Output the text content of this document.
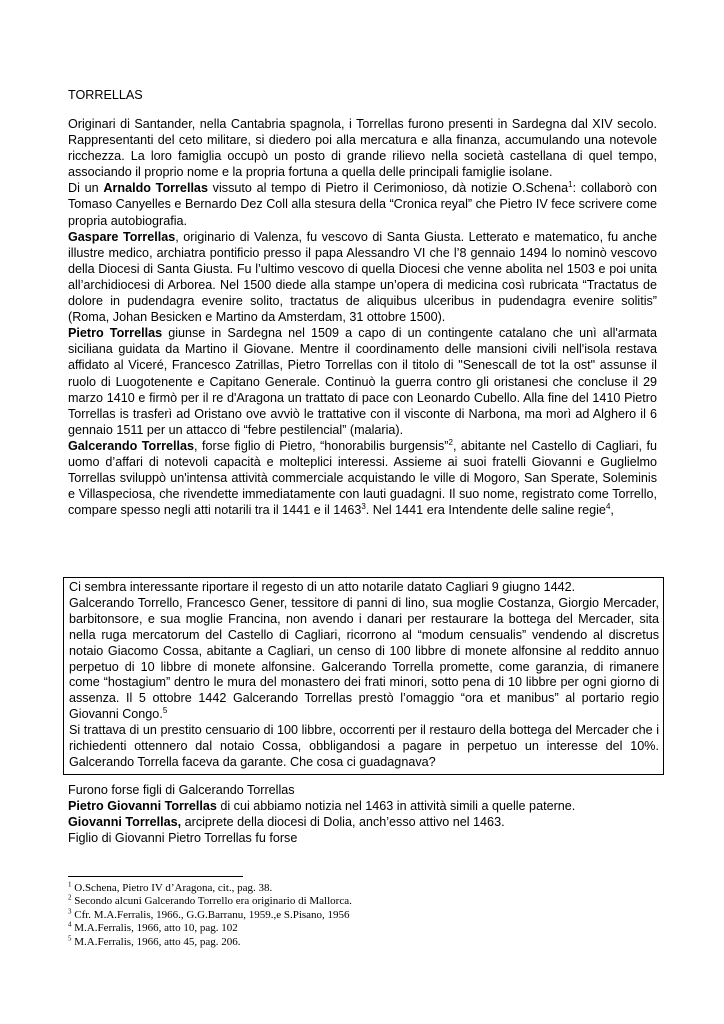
TORRELLAS

Originari di Santander, nella Cantabria spagnola, i Torrellas furono presenti in Sardegna dal XIV secolo. Rappresentanti del ceto militare, si diedero poi alla mercatura e alla finanza, accumulando una notevole ricchezza. La loro famiglia occupò un posto di grande rilievo nella società castellana di quel tempo, associando il proprio nome e la propria fortuna a quella delle principali famiglie isolane.

Di un Arnaldo Torrellas vissuto al tempo di Pietro il Cerimonioso, dà notizie O.Schena$^1$: collaborò con Tomaso Canyelles e Bernardo Dez Coll alla stesura della “Cronica reyal” che Pietro IV fece scrivere come propria autobiografia.

Gaspare Torrellas, originario di Valenza, fu vescovo di Santa Giusta. Letterato e matematico, fu anche illustre medico, archiatra pontificio presso il papa Alessandro VI che l’8 gennaio 1494 lo nominò vescovo della Diocesi di Santa Giusta. Fu l’ultimo vescovo di quella Diocesi che venne abolita nel 1503 e poi unita all’archidiocesi di Arborea. Nel 1500 diede alla stampe un’opera di medicina così rubricata “Tractatus de dolore in pudendagra evenire solito, tractatus de aliquibus ulceribus in pudendagra evenire solitis” (Roma, Johan Besicken e Martino da Amsterdam, 31 ottobre 1500).

Pietro Torrellas giunse in Sardegna nel 1509 a capo di un contingente catalano che unì all'armata siciliana guidata da Martino il Giovane. Mentre il coordinamento delle mansioni civili nell'isola restava affidato al Viceré, Francesco Zatrillas, Pietro Torrellas con il titolo di "Senescall de tot la ost" assunse il ruolo di Luogotenente e Capitano Generale. Continuò la guerra contro gli oristanesi che concluse il 29 marzo 1410 e firmò per il re d'Aragona un trattato di pace con Leonardo Cubello. Alla fine del 1410 Pietro Torrellas is trasferì ad Oristano ove avviò le trattative con il visconte di Narbona, ma morì ad Alghero il 6 gennaio 1511 per un attacco di “febre pestilencial” (malaria).

Galcerando Torrellas, forse figlio di Pietro, “honorabilis burgensis”$^2$, abitante nel Castello di Cagliari, fu uomo d’affari di notevoli capacità e molteplici interessi. Assieme ai suoi fratelli Giovanni e Guglielmo Torrellas sviluppò un'intensa attività commerciale acquistando le ville di Mogoro, San Sperate, Soleminis e Villaspeciosa, che rivendette immediatamente con lauti guadagni. Il suo nome, registrato come Torrello, compare spesso negli atti notarili tra il 1441 e il 1463$^3$. Nel 1441 era Intendente delle saline regie$^4$,

Ci sembra interessante riportare il regesto di un atto notarile datato Cagliari 9 giugno 1442.

Galcerando Torrello, Francesco Gener, tessitore di panni di lino, sua moglie Costanza, Giorgio Mercader, barbitonsore, e sua moglie Francina, non avendo i danari per restaurare la bottega del Mercader, sita nella ruga mercatorum del Castello di Cagliari, ricorrono al “modum censualis” vendendo al discretus notaio Giacomo Cossa, abitante a Cagliari, un censo di 100 libbre di monete alfonsine al reddito annuo perpetuo di 10 libbre di monete alfonsine. Galcerando Torrella promette, come garanzia, di rimanere come “hostagium” dentro le mura del monastero dei frati minori, sotto pena di 10 libbre per ogni giorno di assenza. Il 5 ottobre 1442 Galcerando Torrellas prestò l’omaggio “ora et manibus” al portario regio Giovanni Congo.$^5$

Si trattava di un prestito censuario di 100 libbre, occorrenti per il restauro della bottega del Mercader che i richiedenti ottennero dal notaio Cossa, obbligandosi a pagare in perpetuo un interesse del 10%. Galcerando Torrella faceva da garante. Che cosa ci guadagnava?

Furono forse figli di Galcerando Torrellas

Pietro Giovanni Torrellas di cui abbiamo notizia nel 1463 in attività simili a quelle paterne.

Giovanni Torrellas, arciprete della diocesi di Dolia, anch’esso attivo nel 1463.

Figlio di Giovanni Pietro Torrellas fu forse

$^1$ O.Schena, Pietro IV d’Aragona, cit., pag. 38.

$^2$ Secondo alcuni Galcerando Torrello era originario di Mallorca.

$^3$ Cfr. M.A.Ferralis, 1966., G.G.Barranu, 1959.,e S.Pisano, 1956

$^4$ M.A.Ferralis, 1966, atto 10, pag. 102

$^5$ M.A.Ferralis, 1966, atto 45, pag. 206.
